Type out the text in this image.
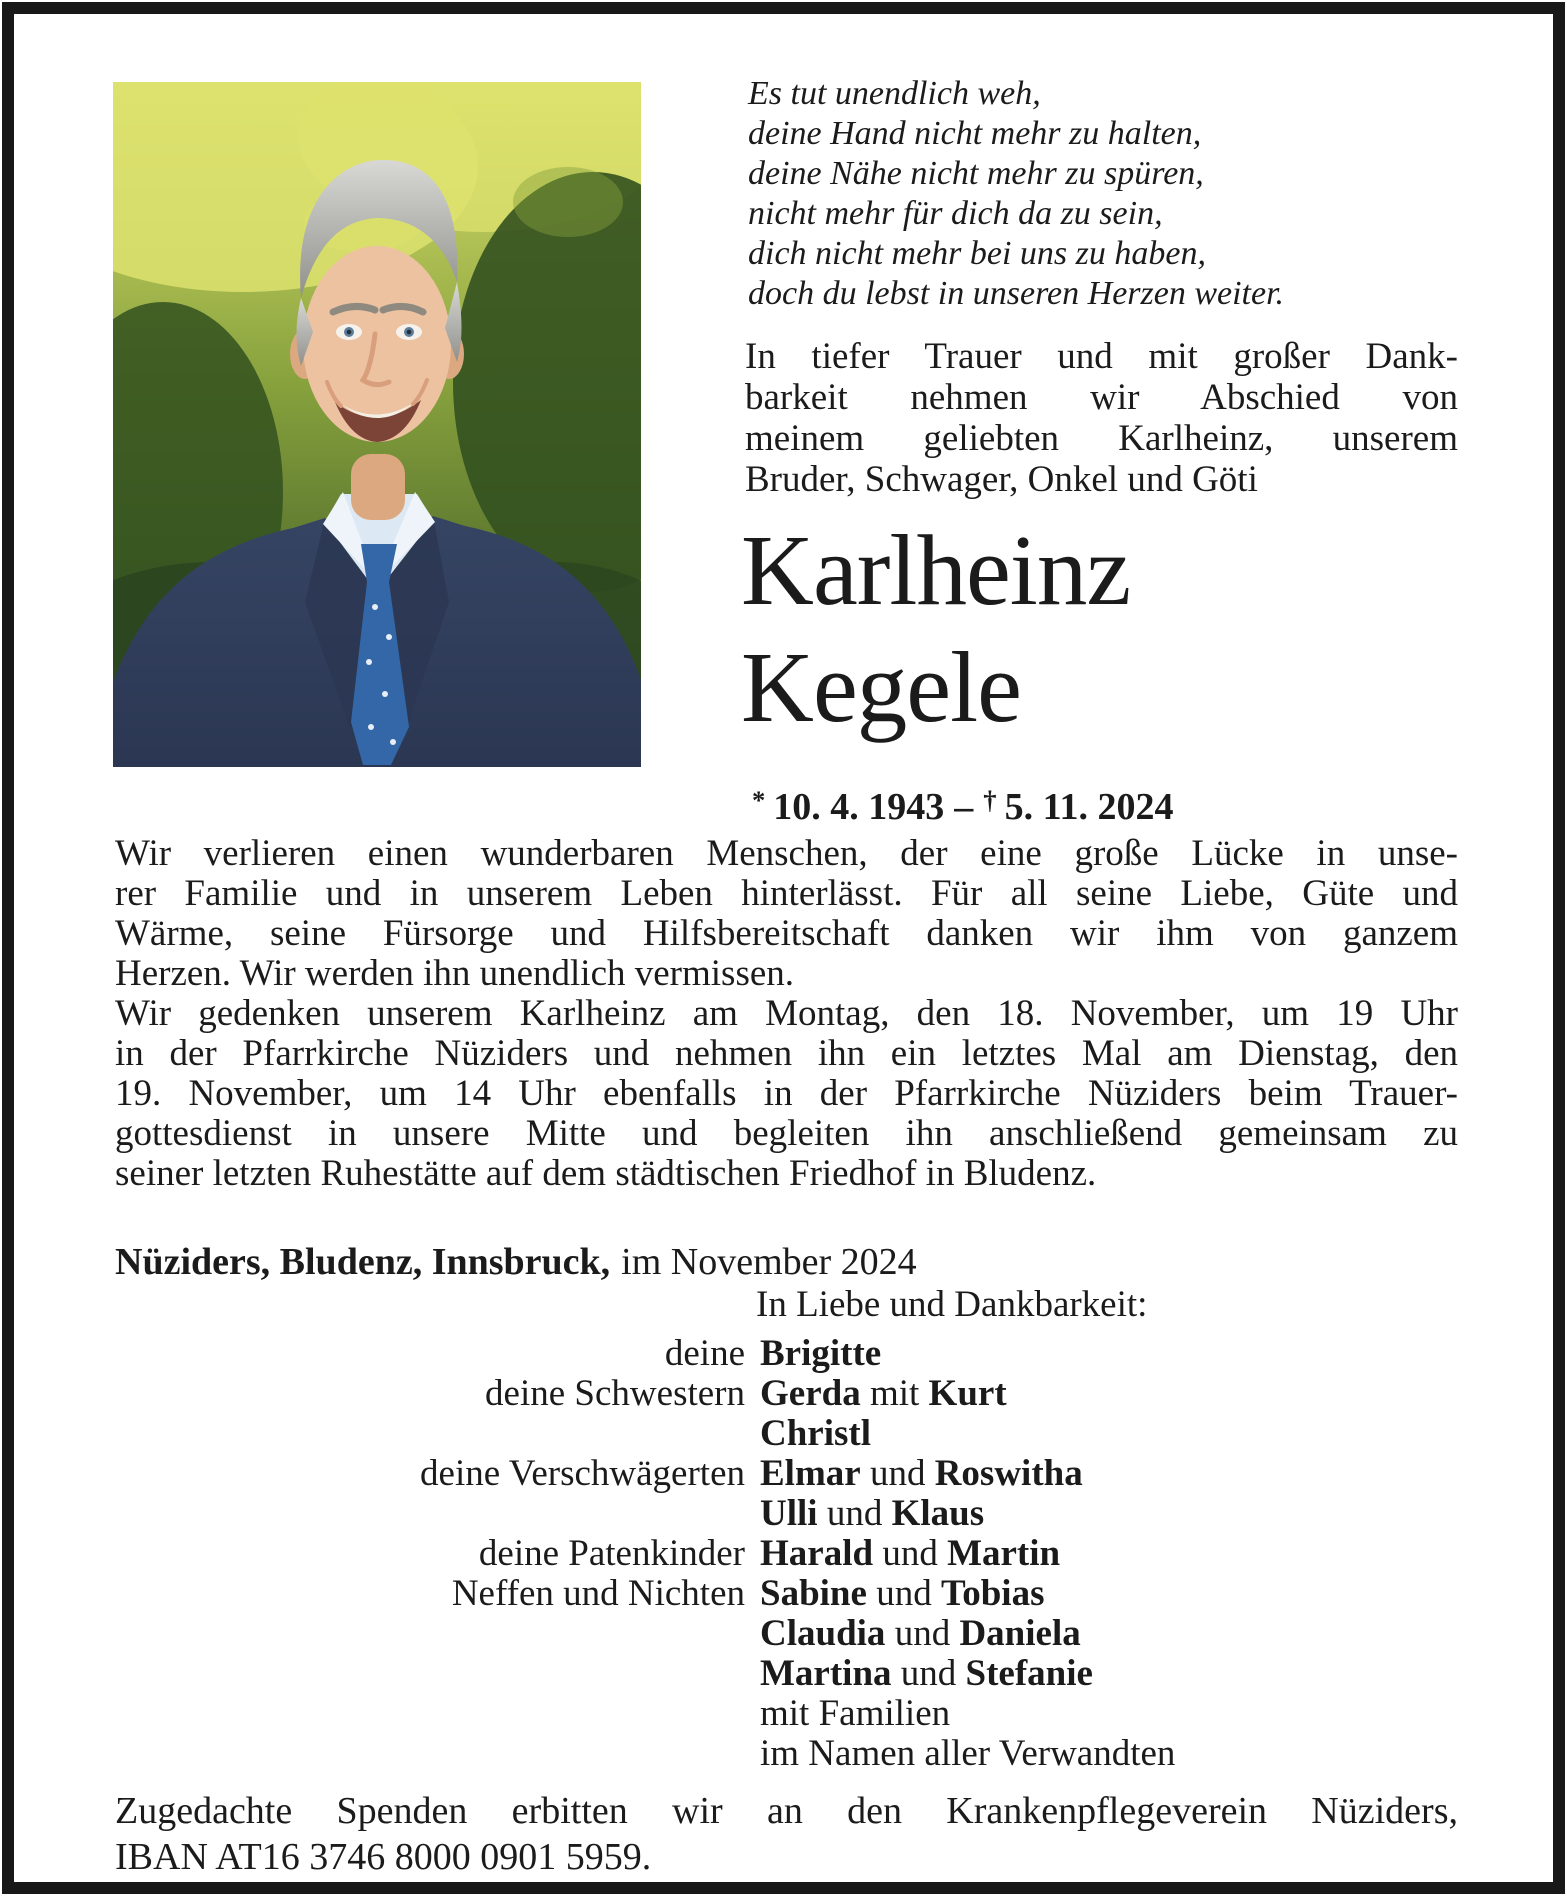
Es tut unendlich weh,
deine Hand nicht mehr zu halten,
deine Nähe nicht mehr zu spüren,
nicht mehr für dich da zu sein,
dich nicht mehr bei uns zu haben,
doch du lebst in unseren Herzen weiter.
In tiefer Trauer und mit großer Dank-
barkeit nehmen wir Abschied von
meinem geliebten Karlheinz, unserem
Bruder, Schwager, Onkel und Göti
Karlheinz
Kegele
* 10. 4. 1943 – † 5. 11. 2024
Wir verlieren einen wunderbaren Menschen, der eine große Lücke in unse-
rer Familie und in unserem Leben hinterlässt. Für all seine Liebe, Güte und
Wärme, seine Fürsorge und Hilfsbereitschaft danken wir ihm von ganzem
Herzen. Wir werden ihn unendlich vermissen.
Wir gedenken unserem Karlheinz am Montag, den 18. November, um 19 Uhr
in der Pfarrkirche Nüziders und nehmen ihn ein letztes Mal am Dienstag, den
19. November, um 14 Uhr ebenfalls in der Pfarrkirche Nüziders beim Trauer-
gottesdienst in unsere Mitte und begleiten ihn anschließend gemeinsam zu
seiner letzten Ruhestätte auf dem städtischen Friedhof in Bludenz.
Nüziders, Bludenz, Innsbruck, im November 2024
In Liebe und Dankbarkeit:
deine Brigitte
deine Schwestern Gerda mit Kurt
Christl
deine Verschwägerten Elmar und Roswitha
Ulli und Klaus
deine Patenkinder Harald und Martin
Neffen und Nichten Sabine und Tobias
Claudia und Daniela
Martina und Stefanie
mit Familien
im Namen aller Verwandten
Zugedachte Spenden erbitten wir an den Krankenpflegeverein Nüziders,
IBAN AT16 3746 8000 0901 5959.
